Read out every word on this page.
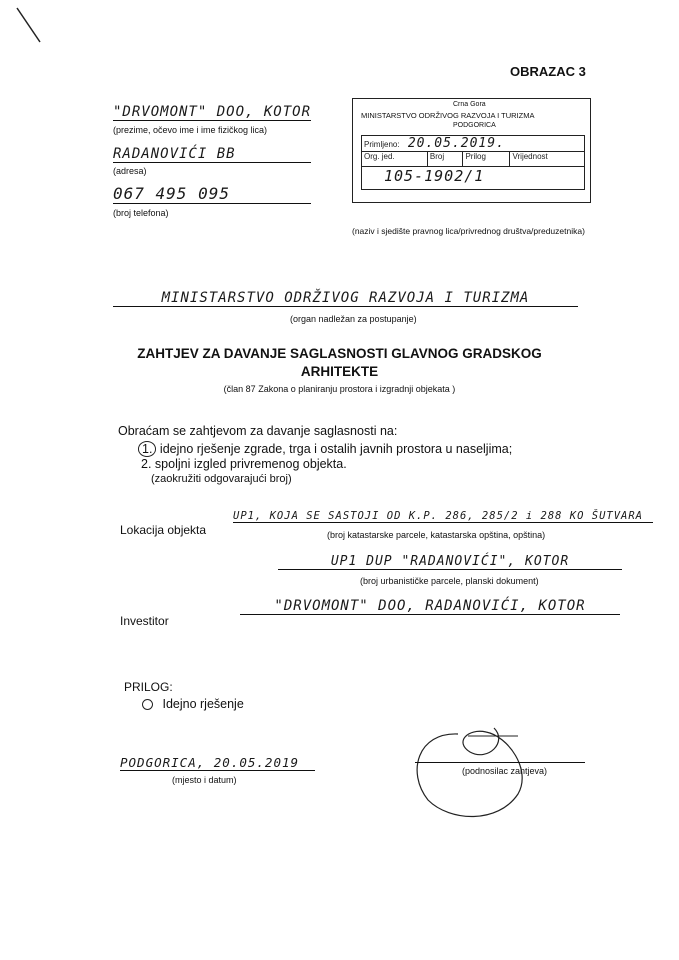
OBRAZAC 3
"DRVOMONT" DOO, KOTOR
(prezime, očevo ime i ime fizičkog lica)
RADANOVIĆI BB
(adresa)
067 495 095
(broj telefona)
Crna Gora
MINISTARSTVO ODRŽIVOG RAZVOJA I TURIZMA
PODGORICA
Primljeno: 20.05.2019.
Org. jed.	Broj	Prilog	Vrijednost
105-1902/1
(naziv i sjedište pravnog lica/privrednog društva/preduzetnika)
MINISTARSTVO ODRŽIVOG RAZVOJA I TURIZMA
(organ nadležan za postupanje)
ZAHTJEV ZA DAVANJE SAGLASNOSTI GLAVNOG GRADSKOG
ARHITEKTE
(član 87 Zakona o planiranju prostora i izgradnji objekata )
Obraćam se zahtjevom za davanje saglasnosti na:
1. idejno rješenje zgrade, trga i ostalih javnih prostora u naseljima;
2. spoljni izgled privremenog objekta.
(zaokružiti odgovarajući broj)
Lokacija objekta
UP1, KOJA SE SASTOJI OD K.P. 286, 285/2 i 288 KO ŠUTVARA
(broj katastarske parcele, katastarska opština, opština)
UP1 DUP "RADANOVIĆI", KOTOR
(broj urbanističke parcele, planski dokument)
Investitor
"DRVOMONT" DOO, RADANOVIĆI, KOTOR
PRILOG:
Idejno rješenje
PODGORICA, 20.05.2019
(mjesto i datum)
(podnosilac zahtjeva)
